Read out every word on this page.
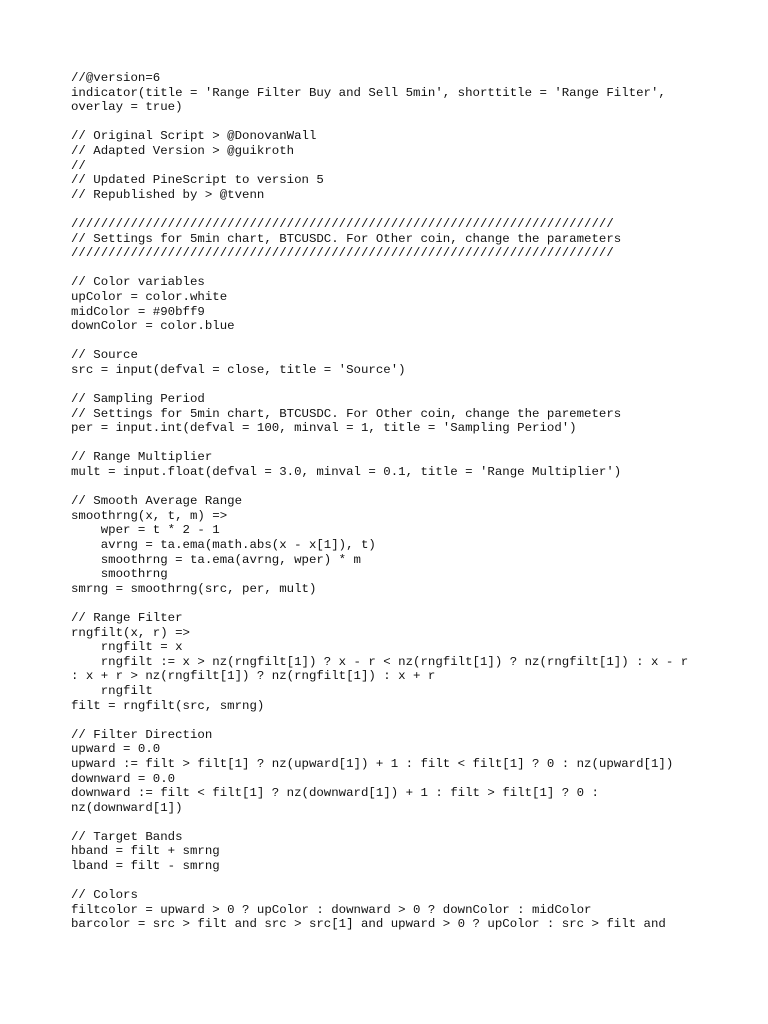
//@version=6
indicator(title = 'Range Filter Buy and Sell 5min', shorttitle = 'Range Filter',
overlay = true)
// Original Script > @DonovanWall
// Adapted Version > @guikroth
//
// Updated PineScript to version 5
// Republished by > @tvenn
/////////////////////////////////////////////////////////////////////////
// Settings for 5min chart, BTCUSDC. For Other coin, change the parameters
/////////////////////////////////////////////////////////////////////////
// Color variables
upColor = color.white
midColor = #90bff9
downColor = color.blue
// Source
src = input(defval = close, title = 'Source')
// Sampling Period
// Settings for 5min chart, BTCUSDC. For Other coin, change the paremeters
per = input.int(defval = 100, minval = 1, title = 'Sampling Period')
// Range Multiplier
mult = input.float(defval = 3.0, minval = 0.1, title = 'Range Multiplier')
// Smooth Average Range
smoothrng(x, t, m) =>
wper = t * 2 - 1
avrng = ta.ema(math.abs(x - x[1]), t)
smoothrng = ta.ema(avrng, wper) * m
smoothrng
smrng = smoothrng(src, per, mult)
// Range Filter
rngfilt(x, r) =>
rngfilt = x
rngfilt := x > nz(rngfilt[1]) ? x - r < nz(rngfilt[1]) ? nz(rngfilt[1]) : x - r
: x + r > nz(rngfilt[1]) ? nz(rngfilt[1]) : x + r
rngfilt
filt = rngfilt(src, smrng)
// Filter Direction
upward = 0.0
upward := filt > filt[1] ? nz(upward[1]) + 1 : filt < filt[1] ? 0 : nz(upward[1])
downward = 0.0
downward := filt < filt[1] ? nz(downward[1]) + 1 : filt > filt[1] ? 0 :
nz(downward[1])
// Target Bands
hband = filt + smrng
lband = filt - smrng
// Colors
filtcolor = upward > 0 ? upColor : downward > 0 ? downColor : midColor
barcolor = src > filt and src > src[1] and upward > 0 ? upColor : src > filt and
